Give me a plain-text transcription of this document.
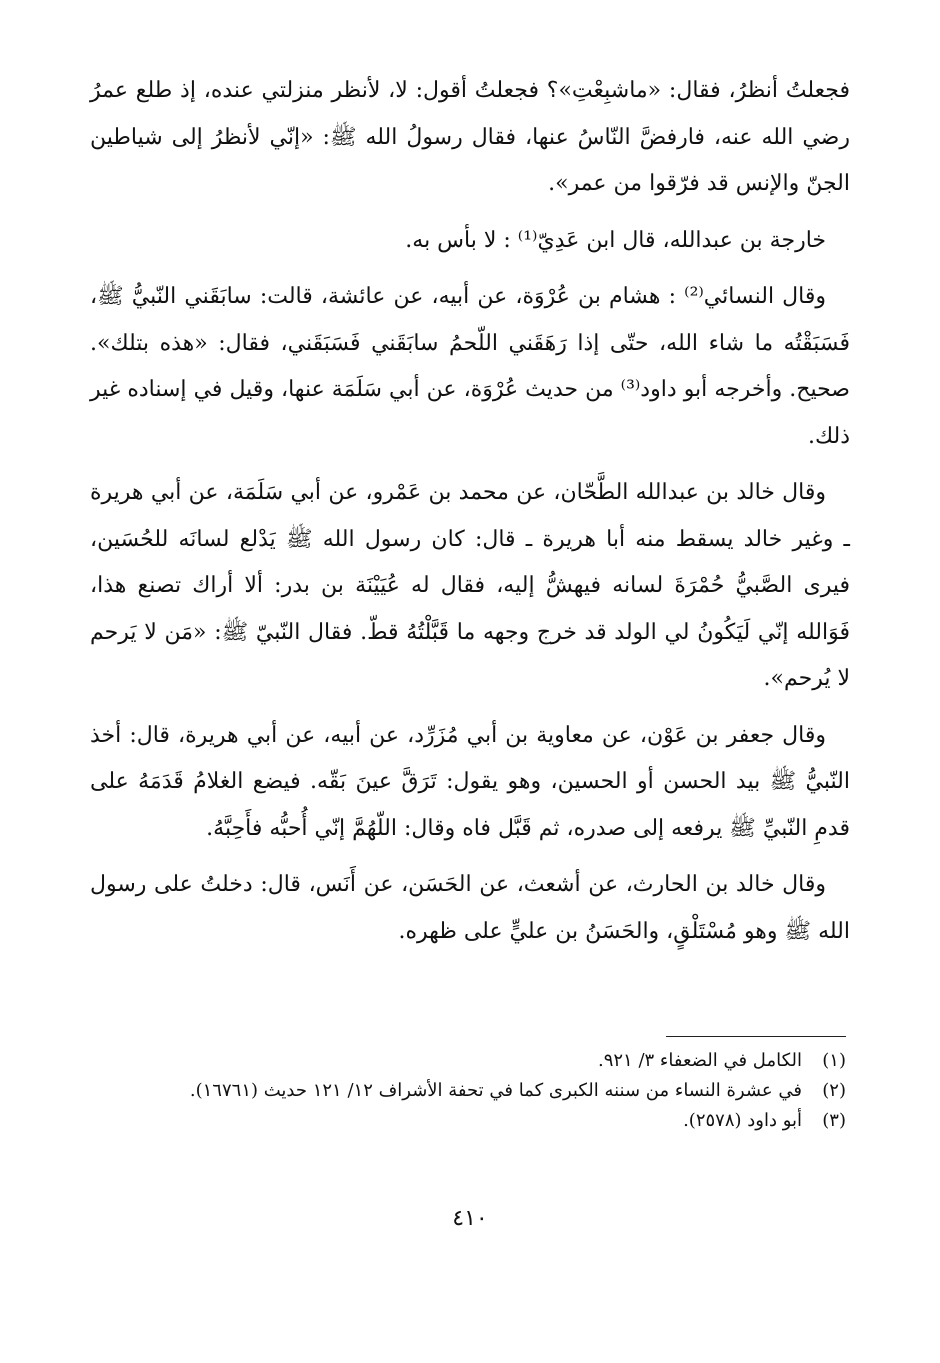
فجعلتُ أنظرُ، فقال: «ماشبِعْتِ»؟ فجعلتُ أقول: لا، لأنظر منزلتي عنده، إذ طلع عمرُ رضي الله عنه، فارفضَّ النّاسُ عنها، فقال رسولُ الله ﷺ: «إنّي لأنظرُ إلى شياطين الجنّ والإنس قد فرّقوا من عمر».

خارجة بن عبدالله، قال ابن عَدِيّ⁽¹⁾ : لا بأس به.

وقال النسائي⁽²⁾ : هشام بن عُرْوَة، عن أبيه، عن عائشة، قالت: سابَقَني النّبيُّ ﷺ، فَسَبَقْتُه ما شاء الله، حتّى إذا رَهَقَني اللّحمُ سابَقَني فَسَبَقَني، فقال: «هذه بتلك». صحيح. وأخرجه أبو داود⁽³⁾ من حديث عُرْوَة، عن أبي سَلَمَة عنها، وقيل في إسناده غير ذلك.

وقال خالد بن عبدالله الطَّحّان، عن محمد بن عَمْرو، عن أبي سَلَمَة، عن أبي هريرة ـ وغير خالد يسقط منه أبا هريرة ـ قال: كان رسول الله ﷺ يَدْلع لسانَه للحُسَين، فيرى الصَّبيُّ حُمْرَةَ لسانه فيهشُّ إليه، فقال له عُيَيْنَة بن بدر: ألا أراك تصنع هذا، فَوَالله إنّي لَيَكُونُ لي الولد قد خرج وجهه ما قَبَّلْتُهُ قطّ. فقال النّبيّ ﷺ: «مَن لا يَرحم لا يُرحم».

وقال جعفر بن عَوْن، عن معاوية بن أبي مُزَرِّد، عن أبيه، عن أبي هريرة، قال: أخذ النّبيُّ ﷺ بيد الحسن أو الحسين، وهو يقول: تَرَقَّ عينَ بَقّه. فيضع الغلامُ قَدَمَهُ على قدمِ النّبيِّ ﷺ يرفعه إلى صدره، ثم قَبَّل فاه وقال: اللّهُمَّ إنّي أُحبُّه فأَحِبَّهُ.

وقال خالد بن الحارث، عن أشعث، عن الحَسَن، عن أَنَس، قال: دخلتُ على رسول الله ﷺ وهو مُسْتَلْقٍ، والحَسَنُ بن عليٍّ على ظهره.

(١)
الكامل في الضعفاء ٣/ ٩٢١.
(٢)
في عشرة النساء من سننه الكبرى كما في تحفة الأشراف ١٢/ ١٢١ حديث (١٦٧٦١).
(٣)
أبو داود (٢٥٧٨).
٤١٠
